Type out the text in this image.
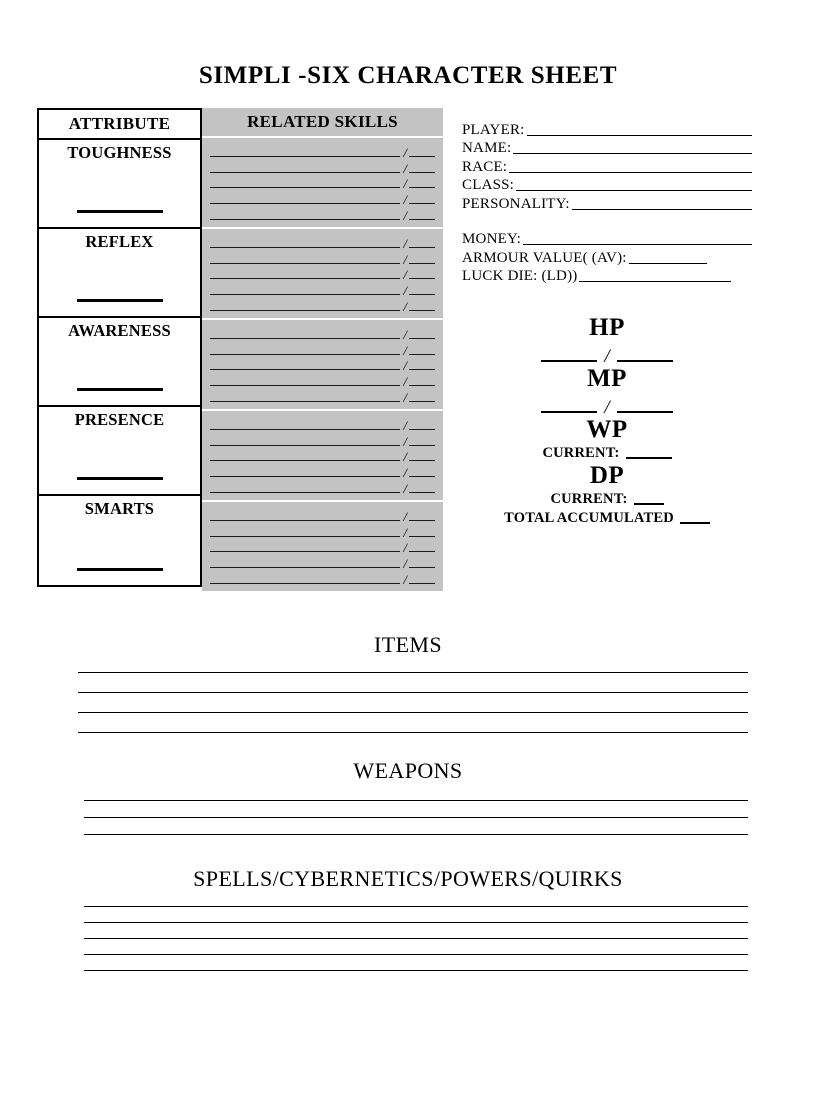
SIMPLI -SIX CHARACTER SHEET
ATTRIBUTE
TOUGHNESS
REFLEX
AWARENESS
PRESENCE
SMARTS
RELATED SKILLS
/
/
/
/
/
/
/
/
/
/
/
/
/
/
/
/
/
/
/
/
/
/
/
/
/
PLAYER:
NAME:
RACE:
CLASS:
PERSONALITY:
MONEY:
ARMOUR VALUE( (AV):
LUCK DIE: (LD))
HP
/
MP
/
WP
CURRENT:
DP
CURRENT:
TOTAL ACCUMULATED
ITEMS
WEAPONS
SPELLS/CYBERNETICS/POWERS/QUIRKS
